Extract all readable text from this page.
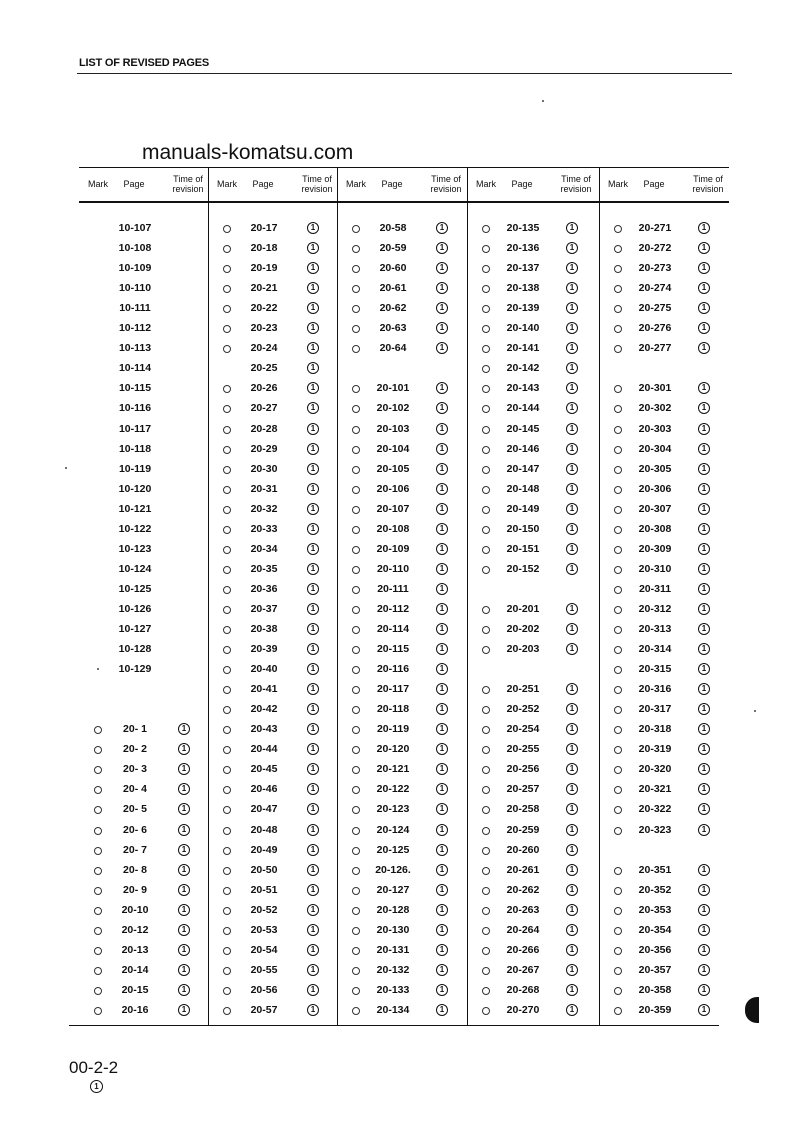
LIST OF REVISED PAGES
manuals-komatsu.com
Mark	Page	Time of
revision
10-107
10-108
10-109
10-110
10-111
10-112
10-113
10-114
10-115
10-116
10-117
10-118
10-119
10-120
10-121
10-122
10-123
10-124
10-125
10-126
10-127
10-128
10-129
20- 1	1
20- 2	1
20- 3	1
20- 4	1
20- 5	1
20- 6	1
20- 7	1
20- 8	1
20- 9	1
20-10	1
20-12	1
20-13	1
20-14	1
20-15	1
20-16	1
Mark	Page	Time of
revision
20-17	1
20-18	1
20-19	1
20-21	1
20-22	1
20-23	1
20-24	1
20-25	1
20-26	1
20-27	1
20-28	1
20-29	1
20-30	1
20-31	1
20-32	1
20-33	1
20-34	1
20-35	1
20-36	1
20-37	1
20-38	1
20-39	1
20-40	1
20-41	1
20-42	1
20-43	1
20-44	1
20-45	1
20-46	1
20-47	1
20-48	1
20-49	1
20-50	1
20-51	1
20-52	1
20-53	1
20-54	1
20-55	1
20-56	1
20-57	1
Mark	Page	Time of
revision
20-58	1
20-59	1
20-60	1
20-61	1
20-62	1
20-63	1
20-64	1
20-101	1
20-102	1
20-103	1
20-104	1
20-105	1
20-106	1
20-107	1
20-108	1
20-109	1
20-110	1
20-111	1
20-112	1
20-114	1
20-115	1
20-116	1
20-117	1
20-118	1
20-119	1
20-120	1
20-121	1
20-122	1
20-123	1
20-124	1
20-125	1
20-126.	1
20-127	1
20-128	1
20-130	1
20-131	1
20-132	1
20-133	1
20-134	1
Mark	Page	Time of
revision
20-135	1
20-136	1
20-137	1
20-138	1
20-139	1
20-140	1
20-141	1
20-142	1
20-143	1
20-144	1
20-145	1
20-146	1
20-147	1
20-148	1
20-149	1
20-150	1
20-151	1
20-152	1
20-201	1
20-202	1
20-203	1
20-251	1
20-252	1
20-254	1
20-255	1
20-256	1
20-257	1
20-258	1
20-259	1
20-260	1
20-261	1
20-262	1
20-263	1
20-264	1
20-266	1
20-267	1
20-268	1
20-270	1
Mark	Page	Time of
revision
20-271	1
20-272	1
20-273	1
20-274	1
20-275	1
20-276	1
20-277	1
20-301	1
20-302	1
20-303	1
20-304	1
20-305	1
20-306	1
20-307	1
20-308	1
20-309	1
20-310	1
20-311	1
20-312	1
20-313	1
20-314	1
20-315	1
20-316	1
20-317	1
20-318	1
20-319	1
20-320	1
20-321	1
20-322	1
20-323	1
20-351	1
20-352	1
20-353	1
20-354	1
20-356	1
20-357	1
20-358	1
20-359	1
00-2-2
1
